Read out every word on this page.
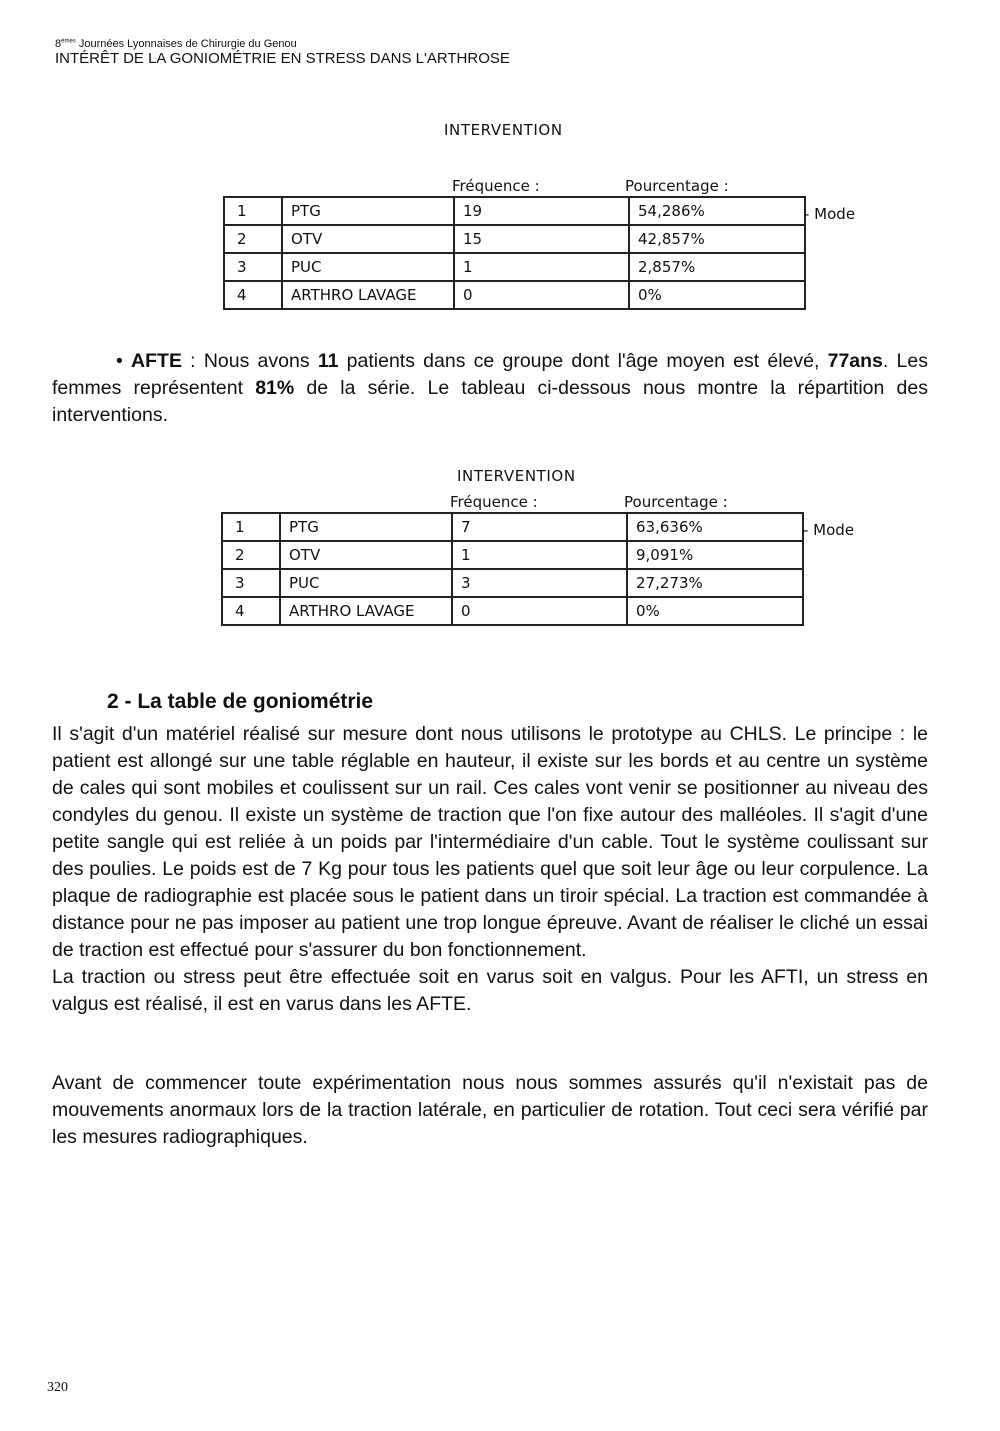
8èmes Journées Lyonnaises de Chirurgie du Genou
INTÉRÊT DE LA GONIOMÉTRIE EN STRESS DANS L'ARTHROSE
INTERVENTION
Fréquence :	Pourcentage :
1	PTG	19	54,286%
2	OTV	15	42,857%
3	PUC	1	2,857%
4	ARTHRO LAVAGE	0	0%
- Mode
• AFTE : Nous avons 11 patients dans ce groupe dont l'âge moyen est élevé, 77ans. Les femmes représentent 81% de la série. Le tableau ci-dessous nous montre la répartition des interventions.
INTERVENTION
Fréquence :	Pourcentage :
1	PTG	7	63,636%
2	OTV	1	9,091%
3	PUC	3	27,273%
4	ARTHRO LAVAGE	0	0%
- Mode
2 - La table de goniométrie
Il s'agit d'un matériel réalisé sur mesure dont nous utilisons le prototype au CHLS. Le principe : le patient est allongé sur une table réglable en hauteur, il existe sur les bords et au centre un système de cales qui sont mobiles et coulissent sur un rail. Ces cales vont venir se positionner au niveau des condyles du genou. Il existe un système de traction que l'on fixe autour des malléoles. Il s'agit d'une petite sangle qui est reliée à un poids par l'intermédiaire d'un cable. Tout le système coulissant sur des poulies. Le poids est de 7 Kg pour tous les patients quel que soit leur âge ou leur corpulence. La plaque de radiographie est placée sous le patient dans un tiroir spécial. La traction est commandée à distance pour ne pas imposer au patient une trop longue épreuve. Avant de réaliser le cliché un essai de traction est effectué pour s'assurer du bon fonctionnement.
La traction ou stress peut être effectuée soit en varus soit en valgus. Pour les AFTI, un stress en valgus est réalisé, il est en varus dans les AFTE.
Avant de commencer toute expérimentation nous nous sommes assurés qu'il n'existait pas de mouvements anormaux lors de la traction latérale, en particulier de rotation. Tout ceci sera vérifié par les mesures radiographiques.
320
